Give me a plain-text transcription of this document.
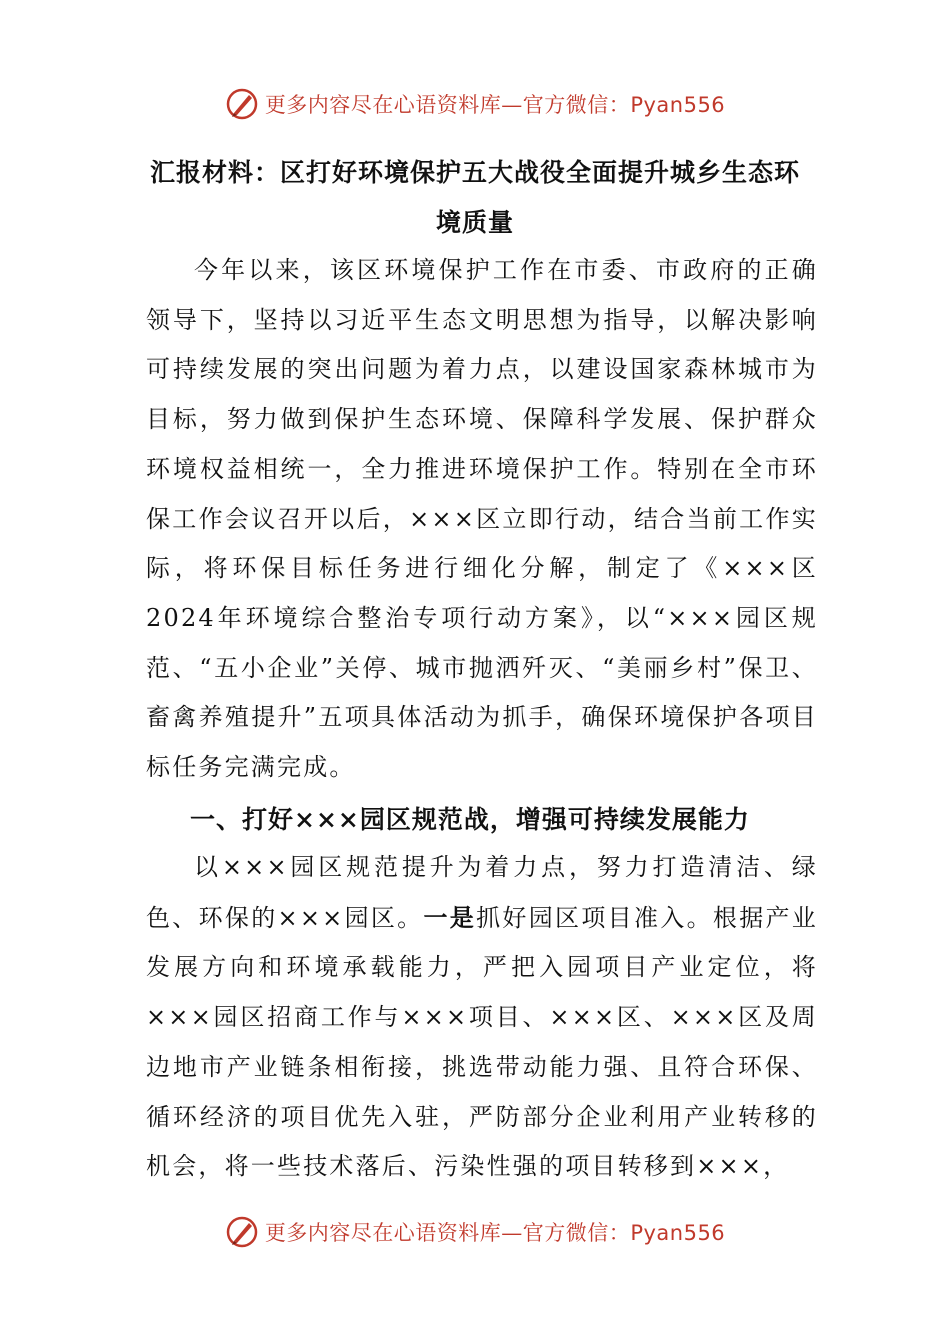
更多内容尽在心语资料库—官方微信：Pyan556
汇报材料：区打好环境保护五大战役全面提升城乡生态环境质量

今年以来，该区环境保护工作在市委、市政府的正确领导下，坚持以习近平生态文明思想为指导，以解决影响可持续发展的突出问题为着力点，以建设国家森林城市为目标，努力做到保护生态环境、保障科学发展、保护群众环境权益相统一，全力推进环境保护工作。特别在全市环保工作会议召开以后，×××区立即行动，结合当前工作实际，将环保目标任务进行细化分解，制定了《×××区2024年环境综合整治专项行动方案》，以“×××园区规范、“五小企业”关停、城市抛洒歼灭、“美丽乡村”保卫、畜禽养殖提升”五项具体活动为抓手，确保环境保护各项目标任务完满完成。

一、打好×××园区规范战，增强可持续发展能力

以×××园区规范提升为着力点，努力打造清洁、绿色、环保的×××园区。一是抓好园区项目准入。根据产业发展方向和环境承载能力，严把入园项目产业定位，将×××园区招商工作与×××项目、×××区、×××区及周边地市产业链条相衔接，挑选带动能力强、且符合环保、循环经济的项目优先入驻，严防部分企业利用产业转移的机会，将一些技术落后、污染性强的项目转移到×××，

更多内容尽在心语资料库—官方微信：Pyan556
